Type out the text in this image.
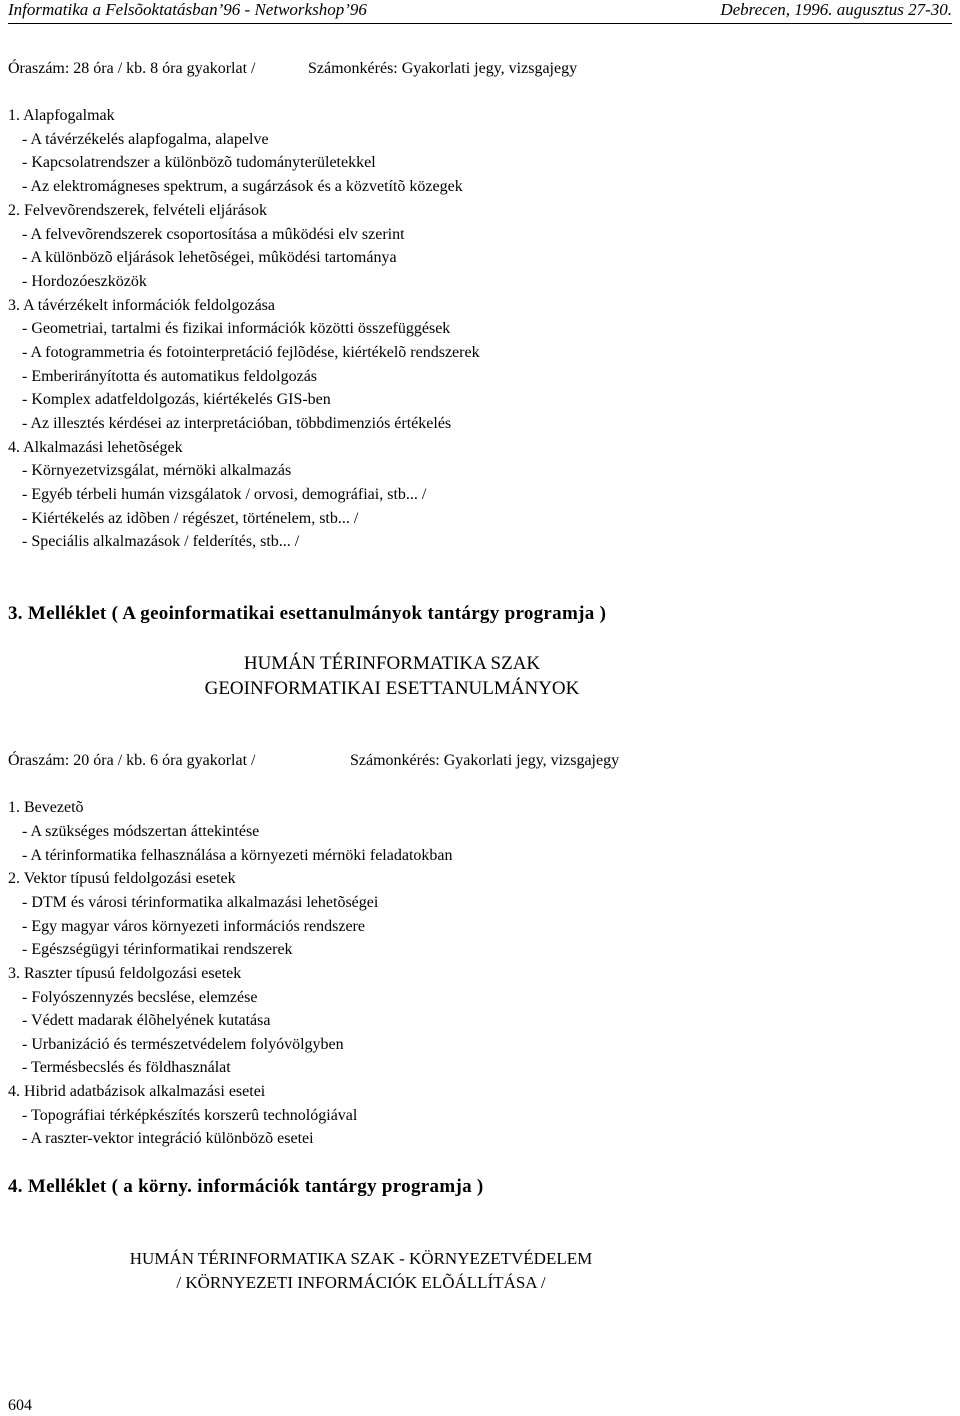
Informatika a Felsõoktatásban’96 - Networkshop’96	Debrecen, 1996. augusztus 27-30.
Óraszám: 28 óra / kb. 8 óra gyakorlat /	Számonkérés: Gyakorlati jegy, vizsgajegy
1. Alapfogalmak
- A távérzékelés alapfogalma, alapelve
- Kapcsolatrendszer a különbözõ tudományterületekkel
- Az elektromágneses spektrum, a sugárzások és a közvetítõ közegek
2. Felvevõrendszerek, felvételi eljárások
- A felvevõrendszerek csoportosítása a mûködési elv szerint
- A különbözõ eljárások lehetõségei, mûködési tartománya
- Hordozóeszközök
3. A távérzékelt információk feldolgozása
- Geometriai, tartalmi és fizikai információk közötti összefüggések
- A fotogrammetria és fotointerpretáció fejlõdése, kiértékelõ rendszerek
- Emberirányította és automatikus feldolgozás
- Komplex adatfeldolgozás, kiértékelés GIS-ben
- Az illesztés kérdései az interpretációban, többdimenziós értékelés
4. Alkalmazási lehetõségek
- Környezetvizsgálat, mérnöki alkalmazás
- Egyéb térbeli humán vizsgálatok / orvosi, demográfiai, stb... /
- Kiértékelés az idõben / régészet, történelem, stb... /
- Speciális alkalmazások / felderítés, stb... /
3. Melléklet ( A geoinformatikai esettanulmányok tantárgy programja )
HUMÁN TÉRINFORMATIKA SZAK
GEOINFORMATIKAI ESETTANULMÁNYOK
Óraszám: 20 óra / kb. 6 óra gyakorlat /	Számonkérés: Gyakorlati jegy, vizsgajegy
1. Bevezetõ
- A szükséges módszertan áttekintése
- A térinformatika felhasználása a környezeti mérnöki feladatokban
2. Vektor típusú feldolgozási esetek
- DTM és városi térinformatika alkalmazási lehetõségei
- Egy magyar város környezeti információs rendszere
- Egészségügyi térinformatikai rendszerek
3. Raszter típusú feldolgozási esetek
- Folyószennyzés becslése, elemzése
- Védett madarak élõhelyének kutatása
- Urbanizáció és természetvédelem folyóvölgyben
- Termésbecslés és földhasználat
4. Hibrid adatbázisok alkalmazási esetei
- Topográfiai térképkészítés korszerû technológiával
- A raszter-vektor integráció különbözõ esetei
4. Melléklet ( a körny. információk tantárgy programja )
HUMÁN TÉRINFORMATIKA SZAK - KÖRNYEZETVÉDELEM
/ KÖRNYEZETI INFORMÁCIÓK ELÕÁLLÍTÁSA /
604
